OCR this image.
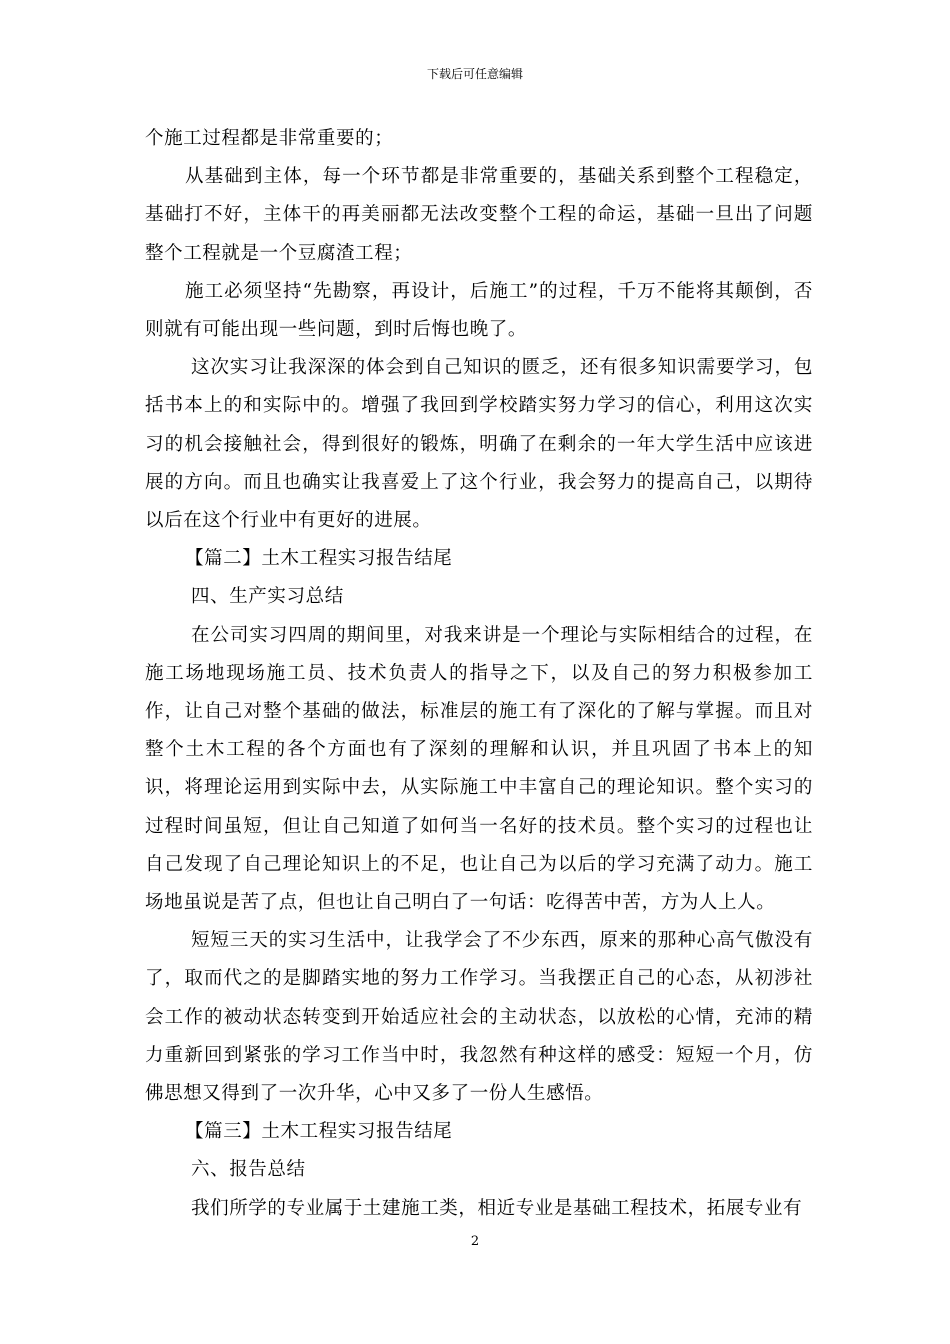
下载后可任意编辑

个施工过程都是非常重要的；

从基础到主体，每一个环节都是非常重要的，基础关系到整个工程稳定，基础打不好，主体干的再美丽都无法改变整个工程的命运，基础一旦出了问题整个工程就是一个豆腐渣工程；

施工必须坚持“先勘察，再设计，后施工”的过程，千万不能将其颠倒，否则就有可能出现一些问题，到时后悔也晚了。

这次实习让我深深的体会到自己知识的匮乏，还有很多知识需要学习，包括书本上的和实际中的。增强了我回到学校踏实努力学习的信心，利用这次实习的机会接触社会，得到很好的锻炼，明确了在剩余的一年大学生活中应该进展的方向。而且也确实让我喜爱上了这个行业，我会努力的提高自己，以期待以后在这个行业中有更好的进展。

【篇二】土木工程实习报告结尾

四、生产实习总结

在公司实习四周的期间里，对我来讲是一个理论与实际相结合的过程，在施工场地现场施工员、技术负责人的指导之下，以及自己的努力积极参加工作，让自己对整个基础的做法，标准层的施工有了深化的了解与掌握。而且对整个土木工程的各个方面也有了深刻的理解和认识，并且巩固了书本上的知识，将理论运用到实际中去，从实际施工中丰富自己的理论知识。整个实习的过程时间虽短，但让自己知道了如何当一名好的技术员。整个实习的过程也让自己发现了自己理论知识上的不足，也让自己为以后的学习充满了动力。施工场地虽说是苦了点，但也让自己明白了一句话：吃得苦中苦，方为人上人。

短短三天的实习生活中，让我学会了不少东西，原来的那种心高气傲没有了，取而代之的是脚踏实地的努力工作学习。当我摆正自己的心态，从初涉社会工作的被动状态转变到开始适应社会的主动状态，以放松的心情，充沛的精力重新回到紧张的学习工作当中时，我忽然有种这样的感受：短短一个月，仿佛思想又得到了一次升华，心中又多了一份人生感悟。

【篇三】土木工程实习报告结尾

六、报告总结

我们所学的专业属于土建施工类，相近专业是基础工程技术，拓展专业有

2
